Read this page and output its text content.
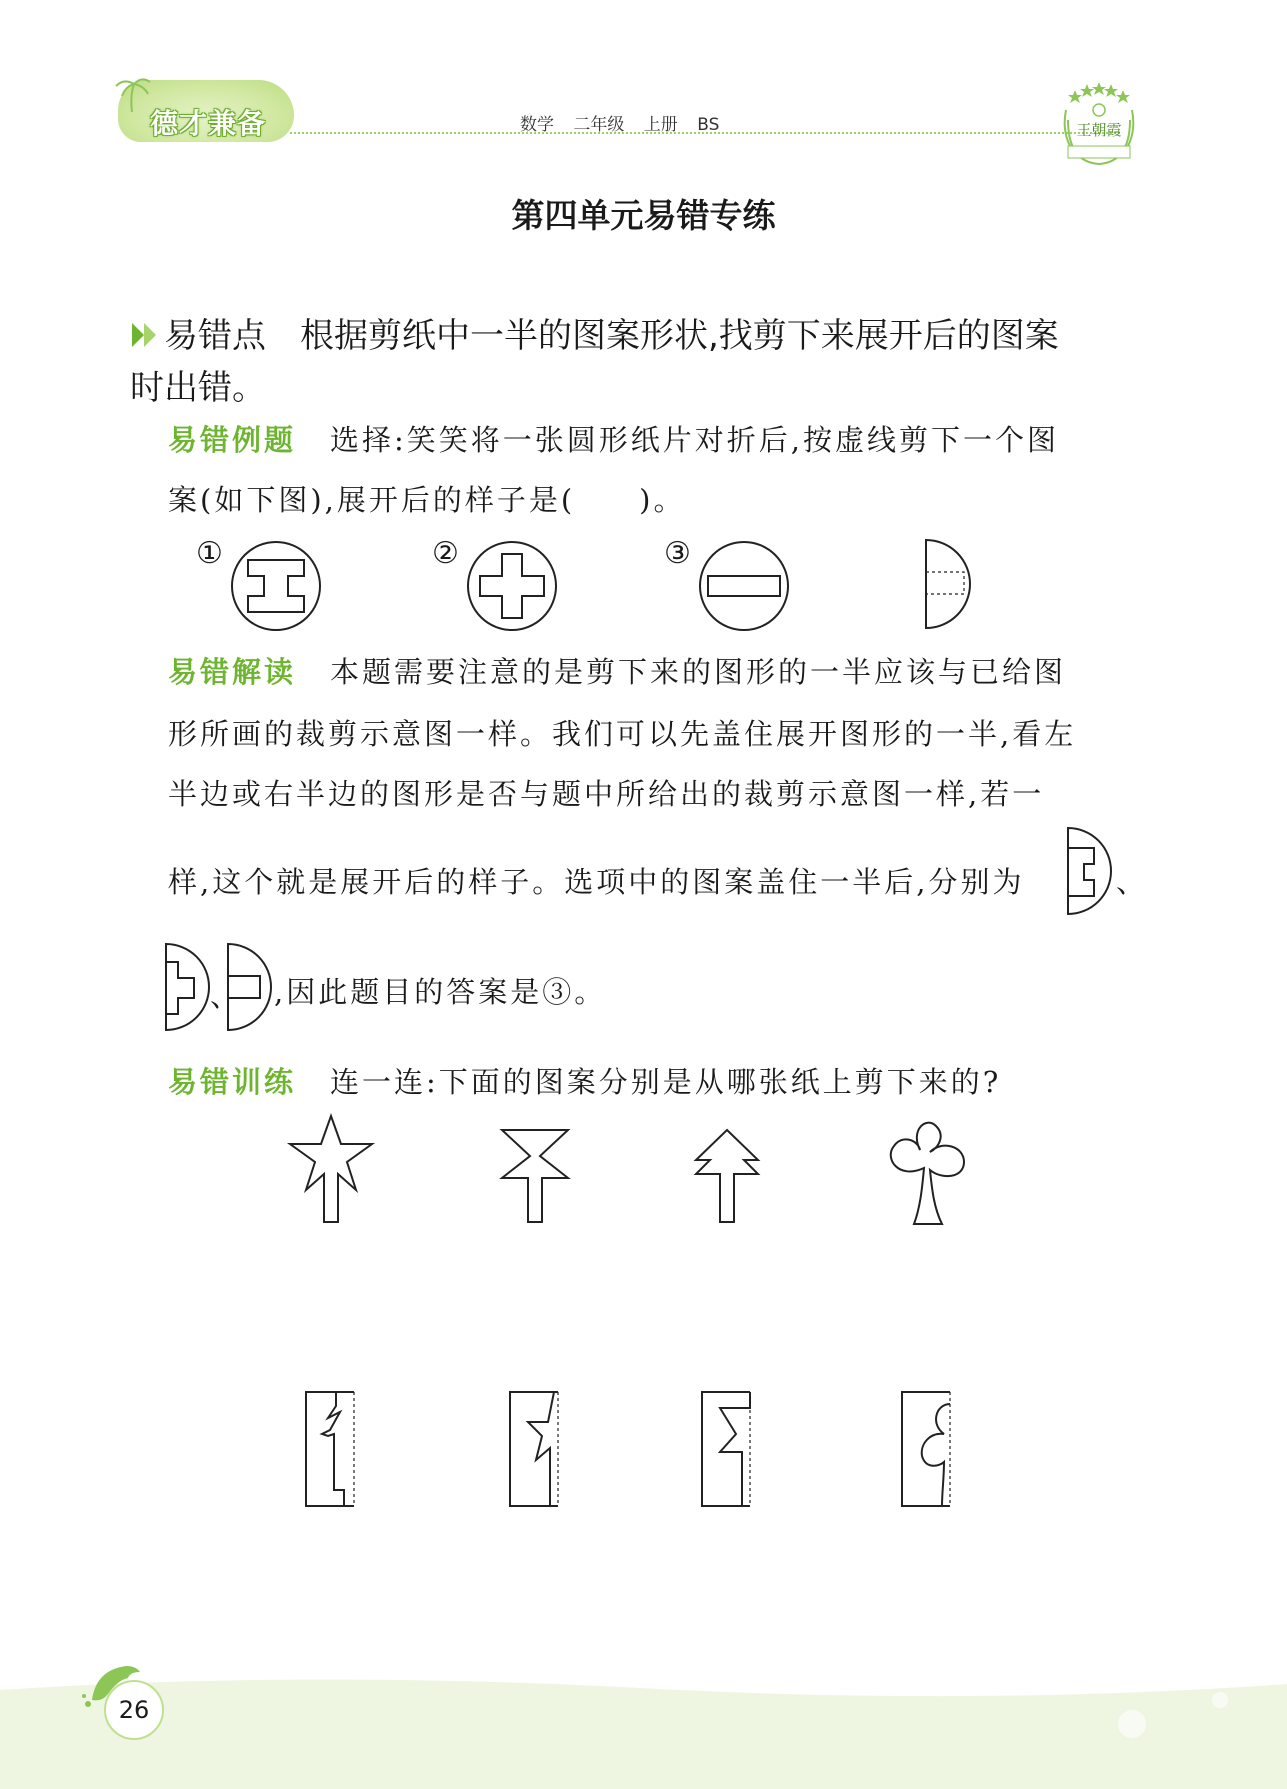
德才兼备	数学 二年级 上册 BS	王朝霞
第四单元易错专练
易错点 根据剪纸中一半的图案形状,找剪下来展开后的图案
时出错。
易错例题 选择:笑笑将一张圆形纸片对折后,按虚线剪下一个图
案(如下图),展开后的样子是(　　)。
①	②	③
易错解读 本题需要注意的是剪下来的图形的一半应该与已给图
形所画的裁剪示意图一样。我们可以先盖住展开图形的一半,看左
半边或右半边的图形是否与题中所给出的裁剪示意图一样,若一
样,这个就是展开后的样子。选项中的图案盖住一半后,分别为	、
、 ,因此题目的答案是③。
易错训练 连一连:下面的图案分别是从哪张纸上剪下来的?
26
